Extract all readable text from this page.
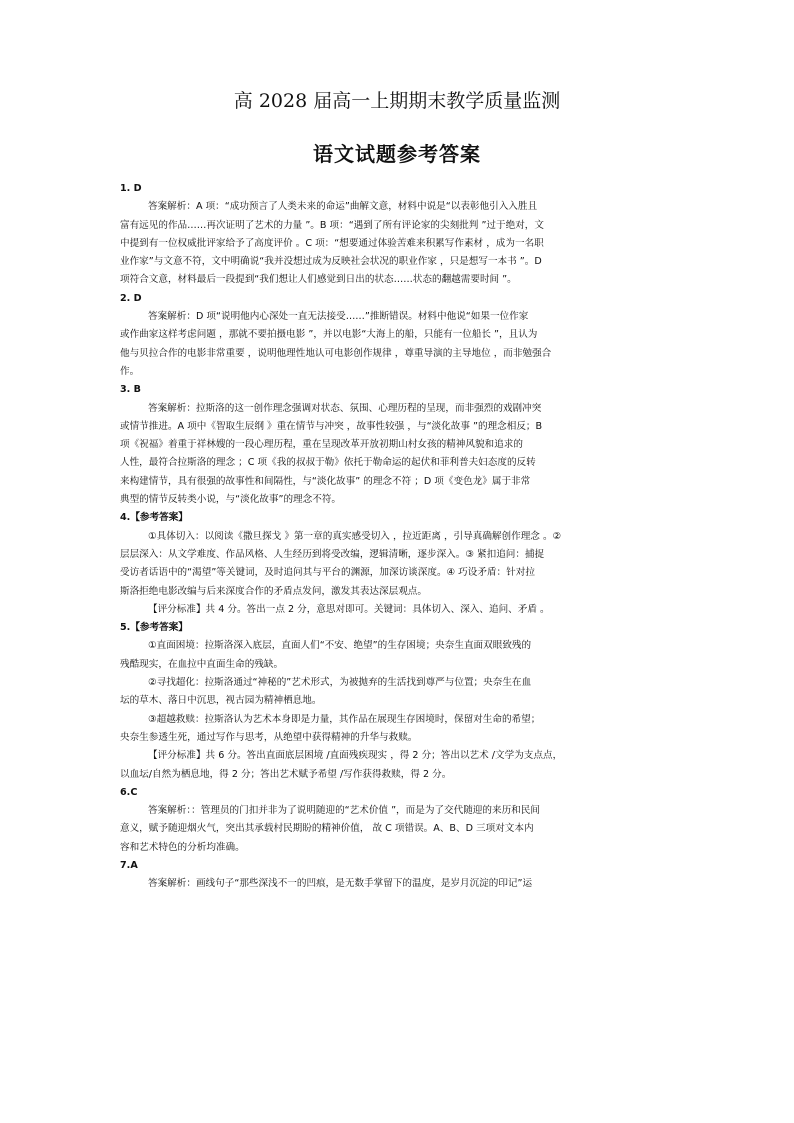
高 2028 届高一上期期末教学质量监测
语文试题参考答案
1. D
答案解析：A 项：“成功预言了人类未来的命运”曲解文意，材料中说是“以表彰他引入入胜且
富有远见的作品……再次证明了艺术的力量 ”。B 项：“遇到了所有评论家的尖刻批判 ”过于绝对，文
中提到有一位权威批评家给予了高度评价 。C 项：“想要通过体验苦难来积累写作素材 ，成为一名职
业作家”与文意不符，文中明确说“我并没想过成为反映社会状况的职业作家 ，只是想写一本书 ”。D
项符合文意，材料最后一段提到“我们想让人们感觉到日出的状态……状态的翻越需要时间 ”。
2. D
答案解析：D 项“说明他内心深处一直无法接受……”推断错误。材料中他说“如果一位作家
或作曲家这样考虑问题 ，那就不要拍摄电影 ”，并以电影“大海上的船，只能有一位船长 ”，且认为
他与贝拉合作的电影非常重要 ，说明他理性地认可电影创作规律 ，尊重导演的主导地位 ，而非勉强合
作。
3. B
答案解析：拉斯洛的这一创作理念强调对状态、氛围、心理历程的呈现，而非强烈的戏剧冲突
或情节推进。A 项中《智取生辰纲 》重在情节与冲突 ，故事性较强 ，与“淡化故事 ”的理念相反；B
项《祝福》着重于祥林嫂的一段心理历程，重在呈现改革开放初期山村女孩的精神风貌和追求的
人性，最符合拉斯洛的理念 ；C 项《我的叔叔于勒》依托于勒命运的起伏和菲利普夫妇态度的反转
来构建情节，具有很强的故事性和间隔性，与“淡化故事” 的理念不符 ；D 项《变色龙》属于非常
典型的情节反转类小说，与“淡化故事”的理念不符。
4.【参考答案】
①具体切入：以阅读《撒旦探戈 》第一章的真实感受切入 ，拉近距离 ，引导真确解创作理念 。②
层层深入：从文学难度、作品风格、人生经历到将受改编，逻辑清晰，逐步深入。③ 紧扣追问：捕捉
受访者话语中的“渴望”等关键词，及时追问其与平台的渊源，加深访谈深度。④ 巧设矛盾：针对拉
斯洛拒绝电影改编与后来深度合作的矛盾点发问，激发其表达深层观点。
【评分标准】共 4 分。答出一点 2 分，意思对即可。关键词：具体切入、深入、追问、矛盾 。
5.【参考答案】
①直面困境：拉斯洛深入底层，直面人们“不安、绝望”的生存困境；央奈生直面双眼致残的
残酷现实，在血拉中直面生命的残缺。
②寻找超化：拉斯洛通过“神秘的”艺术形式，为被抛弃的生活找到尊严与位置；央奈生在血
坛的草木、落日中沉思，视古园为精神栖息地。
③超越救赎：拉斯洛认为艺术本身即是力量，其作品在展现生存困境时，保留对生命的希望；
央奈生参透生死，通过写作与思考，从绝望中获得精神的升华与救赎。
【评分标准】共 6 分。答出直面底层困境 /直面残疾现实 ，得 2 分；答出以艺术 /文学为支点点，
以血坛/自然为栖息地，得 2 分；答出艺术赋予希望 /写作获得救赎，得 2 分。
6.C
答案解析：：管理员的门扣并非为了说明随迎的“艺术价值 ”，而是为了交代随迎的来历和民间
意义，赋予随迎烟火气，突出其承载村民期盼的精神价值， 故 C 项错误。A、B、D 三项对文本内
容和艺术特色的分析均准确。
7.A
答案解析：画线句子“那些深浅不一的凹痕，是无数手掌留下的温度，是岁月沉淀的印记”运
